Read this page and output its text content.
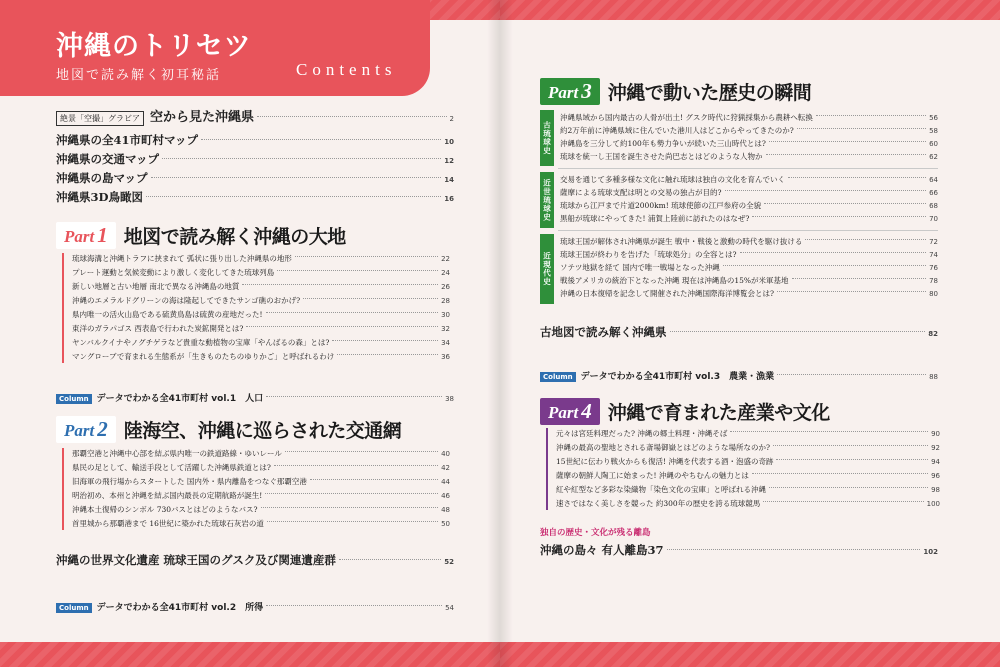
沖縄のトリセツ
地図で読み解く初耳秘話	Contents
絶景「空撮」グラビア 空から見た沖縄県	2
沖縄県の全41市町村マップ	10
沖縄県の交通マップ	12
沖縄県の島マップ	14
沖縄県3D鳥瞰図	16
Part 1 地図で読み解く沖縄の大地
琉球海溝と沖縄トラフに挟まれて 弧状に張り出した沖縄県の地形	22
プレート運動と気候変動により激しく変化してきた琉球列島	24
新しい地層と古い地層 南北で異なる沖縄島の地質	26
沖縄のエメラルドグリーンの海は隆起してできたサンゴ礁のおかげ?	28
県内唯一の活火山島である硫黄鳥島は硫黄の産地だった!	30
東洋のガラパゴス 西表島で行われた炭鉱開発とは?	32
ヤンバルクイナやノグチゲラなど貴重な動植物の宝庫「やんばるの森」とは?	34
マングローブで育まれる生態系が「生きものたちのゆりかご」と呼ばれるわけ	36
Column データでわかる全41市町村 vol.1　人口	38
Part 2 陸海空、沖縄に巡らされた交通網
那覇空港と沖縄中心部を結ぶ県内唯一の鉄道路線・ゆいレール	40
県民の足として、輸送手段として活躍した沖縄県鉄道とは?	42
旧海軍の飛行場からスタートした 国内外・県内離島をつなぐ那覇空港	44
明治初め、本州と沖縄を結ぶ国内最長の定期航路が誕生!	46
沖縄本土復帰のシンボル 730バスとはどのようなバス?	48
首里城から那覇港まで 16世紀に築かれた琉球石灰岩の道	50
沖縄の世界文化遺産 琉球王国のグスク及び関連遺産群	52
Column データでわかる全41市町村 vol.2　所得	54
Part 3 沖縄で動いた歴史の瞬間
古琉球史
近世琉球史
近現代史
沖縄県域から国内最古の人骨が出土! グスク時代に狩猟採集から農耕へ転換	56
約2万年前に沖縄県域に住んでいた港川人はどこからやってきたのか?	58
沖縄島を三分して約100年も勢力争いが続いた三山時代とは?	60
琉球を統一し王国を誕生させた尚巴志とはどのような人物か	62
交易を通じて多種多様な文化に触れ琉球は独自の文化を育んでいく	64
薩摩による琉球支配は明との交易の独占が目的?	66
琉球から江戸まで片道2000km! 琉球使節の江戸参府の全貌	68
黒船が琉球にやってきた! 浦賀上陸前に訪れたのはなぜ?	70
琉球王国が解体され沖縄県が誕生 戦中・戦後と激動の時代を駆け抜ける	72
琉球王国が終わりを告げた「琉球処分」の全容とは?	74
ソテツ地獄を経て 国内で唯一戦場となった沖縄	76
戦後アメリカの統治下となった沖縄 現在は沖縄島の15%が米軍基地	78
沖縄の日本復帰を記念して開催された沖縄国際海洋博覧会とは?	80
古地図で読み解く沖縄県	82
Column データでわかる全41市町村 vol.3　農業・漁業	88
Part 4 沖縄で育まれた産業や文化
元々は宮廷料理だった? 沖縄の郷土料理・沖縄そば	90
沖縄の最高の聖地とされる斎場御嶽とはどのような場所なのか?	92
15世紀に伝わり戦火からも復活! 沖縄を代表する酒・泡盛の奇跡	94
薩摩の朝鮮人陶工に始まった! 沖縄のやちむんの魅力とは	96
紅や紅型など多彩な染織物「染色文化の宝庫」と呼ばれる沖縄	98
速さではなく美しさを競った 約300年の歴史を誇る琉球競馬	100
独自の歴史・文化が残る離島
沖縄の島々 有人離島37	102
